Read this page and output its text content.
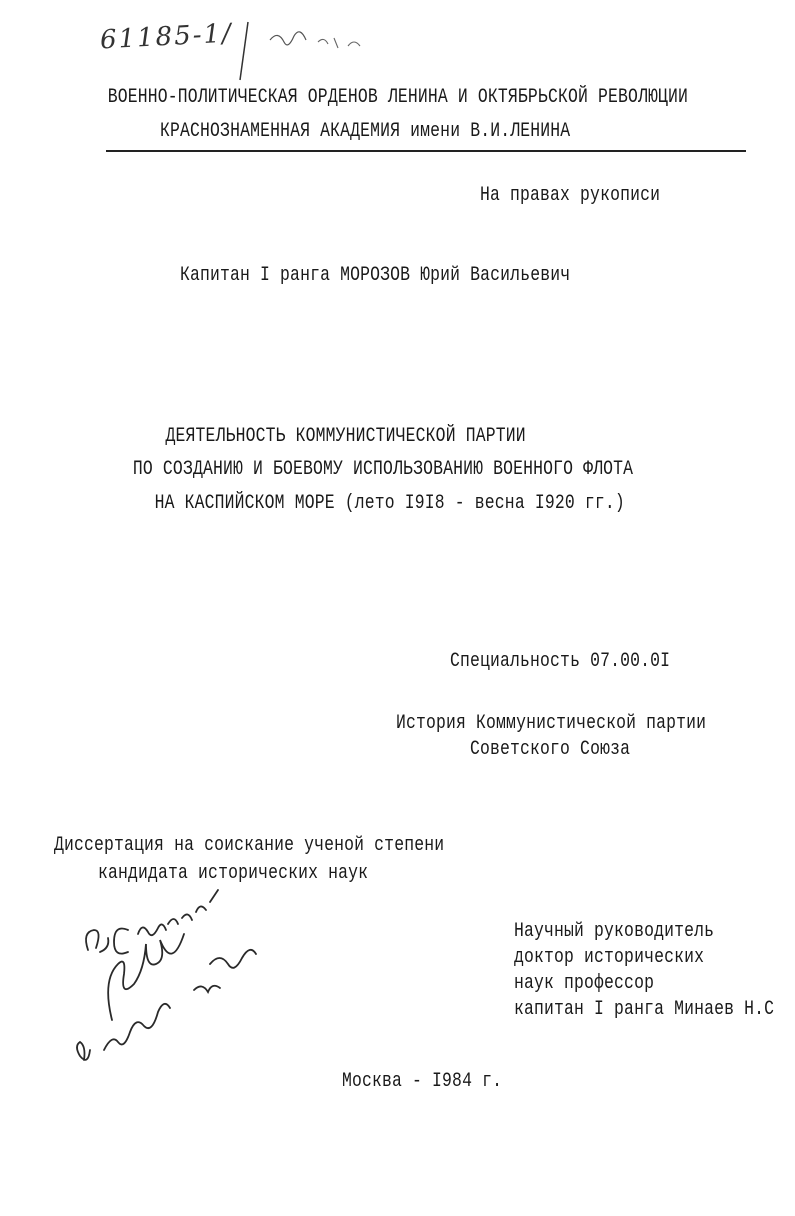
61185-1/
ВОЕННО-ПОЛИТИЧЕСКАЯ ОРДЕНОВ ЛЕНИНА И ОКТЯБРЬСКОЙ РЕВОЛЮЦИИ
КРАСНОЗНАМЕННАЯ АКАДЕМИЯ имени В.И.ЛЕНИНА
На правах рукописи
Капитан I ранга МОРОЗОВ Юрий Васильевич
ДЕЯТЕЛЬНОСТЬ КОММУНИСТИЧЕСКОЙ ПАРТИИ
ПО СОЗДАНИЮ И БОЕВОМУ ИСПОЛЬЗОВАНИЮ ВОЕННОГО ФЛОТА
НА КАСПИЙСКОМ МОРЕ (лето I9I8 - весна I920 гг.)
Специальность 07.00.0I
История Коммунистической партии
Советского Союза
Диссертация на соискание ученой степени
кандидата исторических наук
Научный руководитель
доктор исторических
наук профессор
капитан I ранга Минаев Н.С
Москва - I984 г.
